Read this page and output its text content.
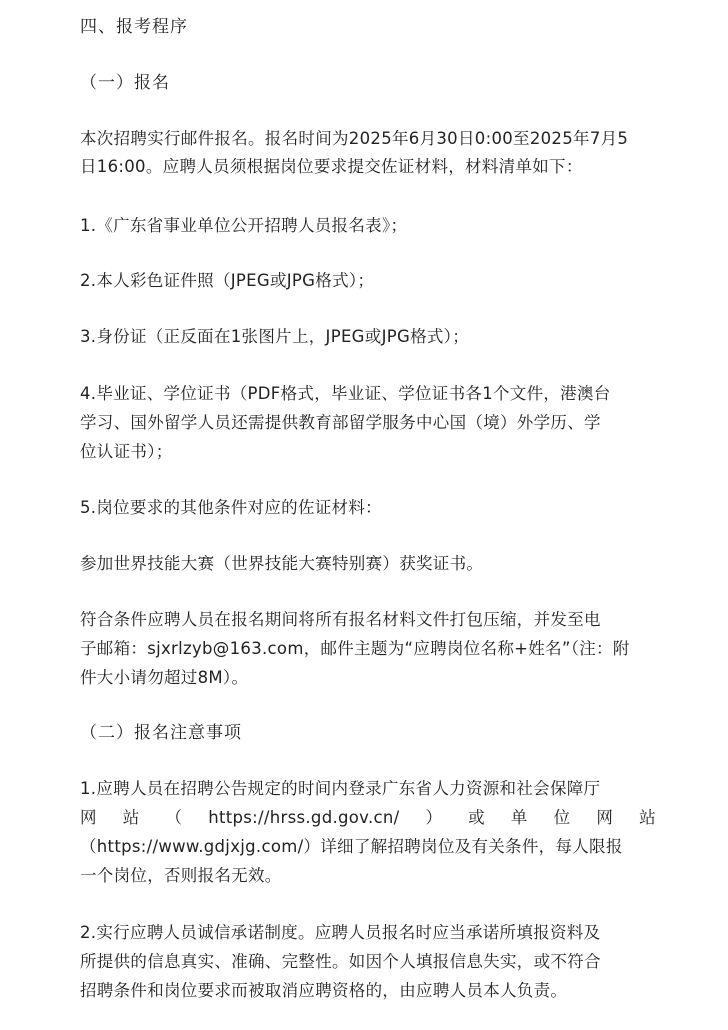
四、报考程序

（一）报名

本次招聘实行邮件报名。报名时间为2025年6月30日0:00至2025年7月5

日16:00。应聘人员须根据岗位要求提交佐证材料，材料清单如下：

1.《广东省事业单位公开招聘人员报名表》；

2.本人彩色证件照（JPEG或JPG格式）；

3.身份证（正反面在1张图片上，JPEG或JPG格式）；

4.毕业证、学位证书（PDF格式，毕业证、学位证书各1个文件，港澳台

学习、国外留学人员还需提供教育部留学服务中心国（境）外学历、学

位认证书）；

5.岗位要求的其他条件对应的佐证材料：

参加世界技能大赛（世界技能大赛特别赛）获奖证书。

符合条件应聘人员在报名期间将所有报名材料文件打包压缩，并发至电

子邮箱：sjxrlzyb@163.com，邮件主题为“应聘岗位名称+姓名”（注：附

件大小请勿超过8M）。

（二）报名注意事项

1.应聘人员在招聘公告规定的时间内登录广东省人力资源和社会保障厅

网 站 （ https://hrss.gd.gov.cn/ ） 或 单 位 网 站

（https://www.gdjxjg.com/）详细了解招聘岗位及有关条件，每人限报

一个岗位，否则报名无效。

2.实行应聘人员诚信承诺制度。应聘人员报名时应当承诺所填报资料及

所提供的信息真实、准确、完整性。如因个人填报信息失实，或不符合

招聘条件和岗位要求而被取消应聘资格的，由应聘人员本人负责。
